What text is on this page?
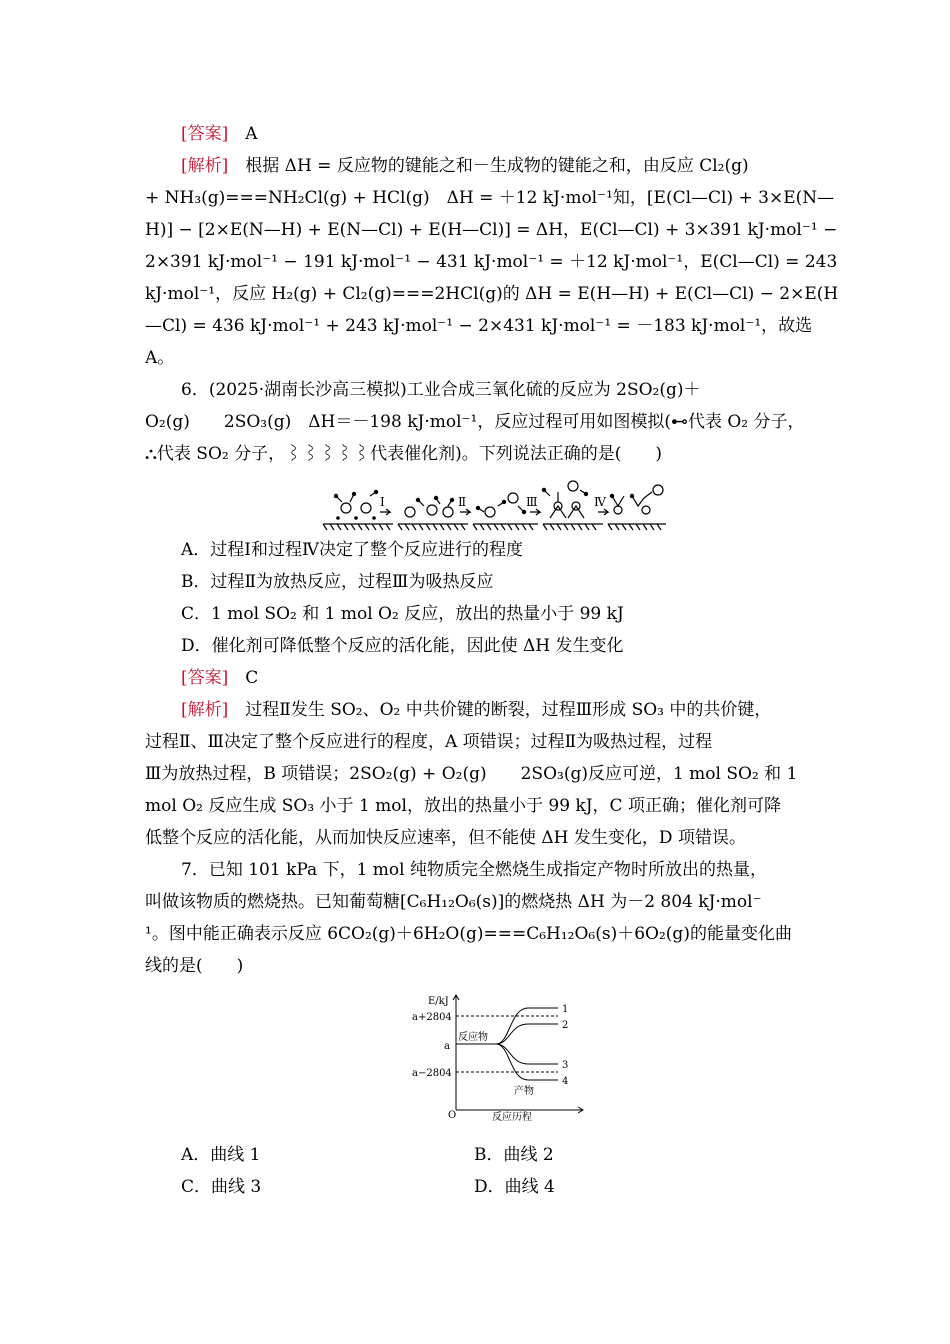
[答案]　 A
[解析]　 根据 ΔH = 反应物的键能之和－生成物的键能之和，由反应 Cl₂(g)
+ NH₃(g)===NH₂Cl(g) + HCl(g)　ΔH = ＋12 kJ·mol⁻¹知，[E(Cl—Cl) + 3×E(N—
H)] − [2×E(N—H) + E(N—Cl) + E(H—Cl)] = ΔH，E(Cl—Cl) + 3×391 kJ·mol⁻¹ −
2×391 kJ·mol⁻¹ − 191 kJ·mol⁻¹ − 431 kJ·mol⁻¹ = ＋12 kJ·mol⁻¹，E(Cl—Cl) = 243
kJ·mol⁻¹，反应 H₂(g) + Cl₂(g)===2HCl(g)的 ΔH = E(H—H) + E(Cl—Cl) − 2×E(H
—Cl) = 436 kJ·mol⁻¹ + 243 kJ·mol⁻¹ − 2×431 kJ·mol⁻¹ = －183 kJ·mol⁻¹，故选
A。
6．(2025·湖南长沙高三模拟)工业合成三氧化硫的反应为 2SO₂(g)＋
O₂(g)　　2SO₃(g)　ΔH＝－198 kJ·mol⁻¹，反应过程可用如图模拟(⊷代表 O₂ 分子，
⛬代表 SO₂ 分子，⌇⌇⌇⌇⌇代表催化剂)。下列说法正确的是(　　)
A．过程Ⅰ和过程Ⅳ决定了整个反应进行的程度
B．过程Ⅱ为放热反应，过程Ⅲ为吸热反应
C．1 mol SO₂ 和 1 mol O₂ 反应，放出的热量小于 99 kJ
D．催化剂可降低整个反应的活化能，因此使 ΔH 发生变化
[答案]　 C
[解析]　 过程Ⅱ发生 SO₂、O₂ 中共价键的断裂，过程Ⅲ形成 SO₃ 中的共价键，
过程Ⅱ、Ⅲ决定了整个反应进行的程度，A 项错误；过程Ⅱ为吸热过程，过程
Ⅲ为放热过程，B 项错误；2SO₂(g) + O₂(g)　　2SO₃(g)反应可逆，1 mol SO₂ 和 1
mol O₂ 反应生成 SO₃ 小于 1 mol，放出的热量小于 99 kJ，C 项正确；催化剂可降
低整个反应的活化能，从而加快反应速率，但不能使 ΔH 发生变化，D 项错误。
7．已知 101 kPa 下，1 mol 纯物质完全燃烧生成指定产物时所放出的热量，
叫做该物质的燃烧热。已知葡萄糖[C₆H₁₂O₆(s)]的燃烧热 ΔH 为－2 804 kJ·mol⁻
¹。图中能正确表示反应 6CO₂(g)＋6H₂O(g)===C₆H₁₂O₆(s)＋6O₂(g)的能量变化曲
线的是(　　)
Ⅰ	Ⅱ	Ⅲ	Ⅳ
E/kJ
a+2804
a
a−2804
O	反应历程
反应物
产物
1
2
3
4
A．曲线 1	B．曲线 2
C．曲线 3	D．曲线 4
